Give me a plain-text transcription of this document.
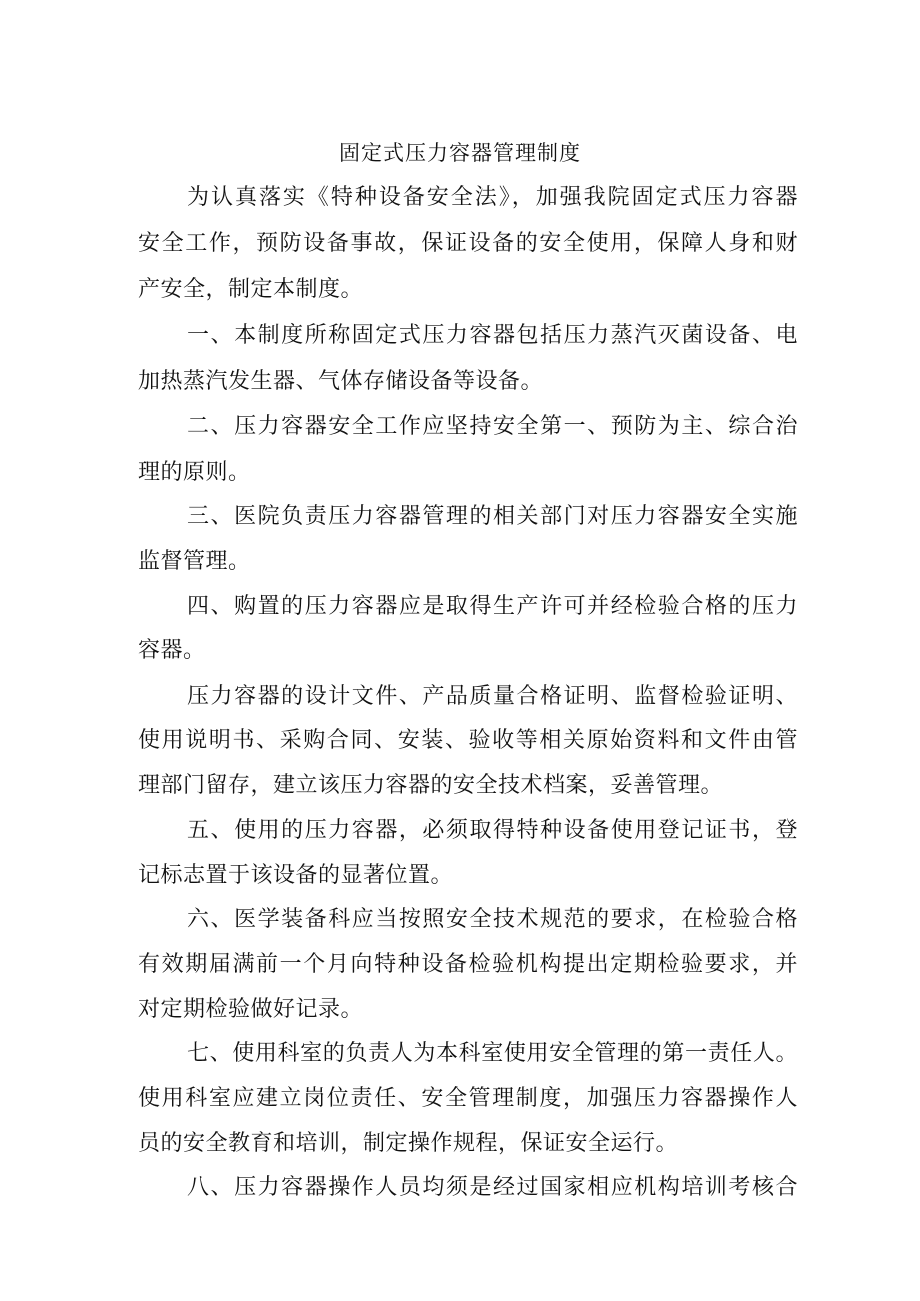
固定式压力容器管理制度
为认真落实《特种设备安全法》，加强我院固定式压力容器
安全工作，预防设备事故，保证设备的安全使用，保障人身和财
产安全，制定本制度。
一、本制度所称固定式压力容器包括压力蒸汽灭菌设备、电
加热蒸汽发生器、气体存储设备等设备。
二、压力容器安全工作应坚持安全第一、预防为主、综合治
理的原则。
三、医院负责压力容器管理的相关部门对压力容器安全实施
监督管理。
四、购置的压力容器应是取得生产许可并经检验合格的压力
容器。
压力容器的设计文件、产品质量合格证明、监督检验证明、
使用说明书、采购合同、安装、验收等相关原始资料和文件由管
理部门留存，建立该压力容器的安全技术档案，妥善管理。
五、使用的压力容器，必须取得特种设备使用登记证书，登
记标志置于该设备的显著位置。
六、医学装备科应当按照安全技术规范的要求，在检验合格
有效期届满前一个月向特种设备检验机构提出定期检验要求，并
对定期检验做好记录。
七、使用科室的负责人为本科室使用安全管理的第一责任人。
使用科室应建立岗位责任、安全管理制度，加强压力容器操作人
员的安全教育和培训，制定操作规程，保证安全运行。
八、压力容器操作人员均须是经过国家相应机构培训考核合
